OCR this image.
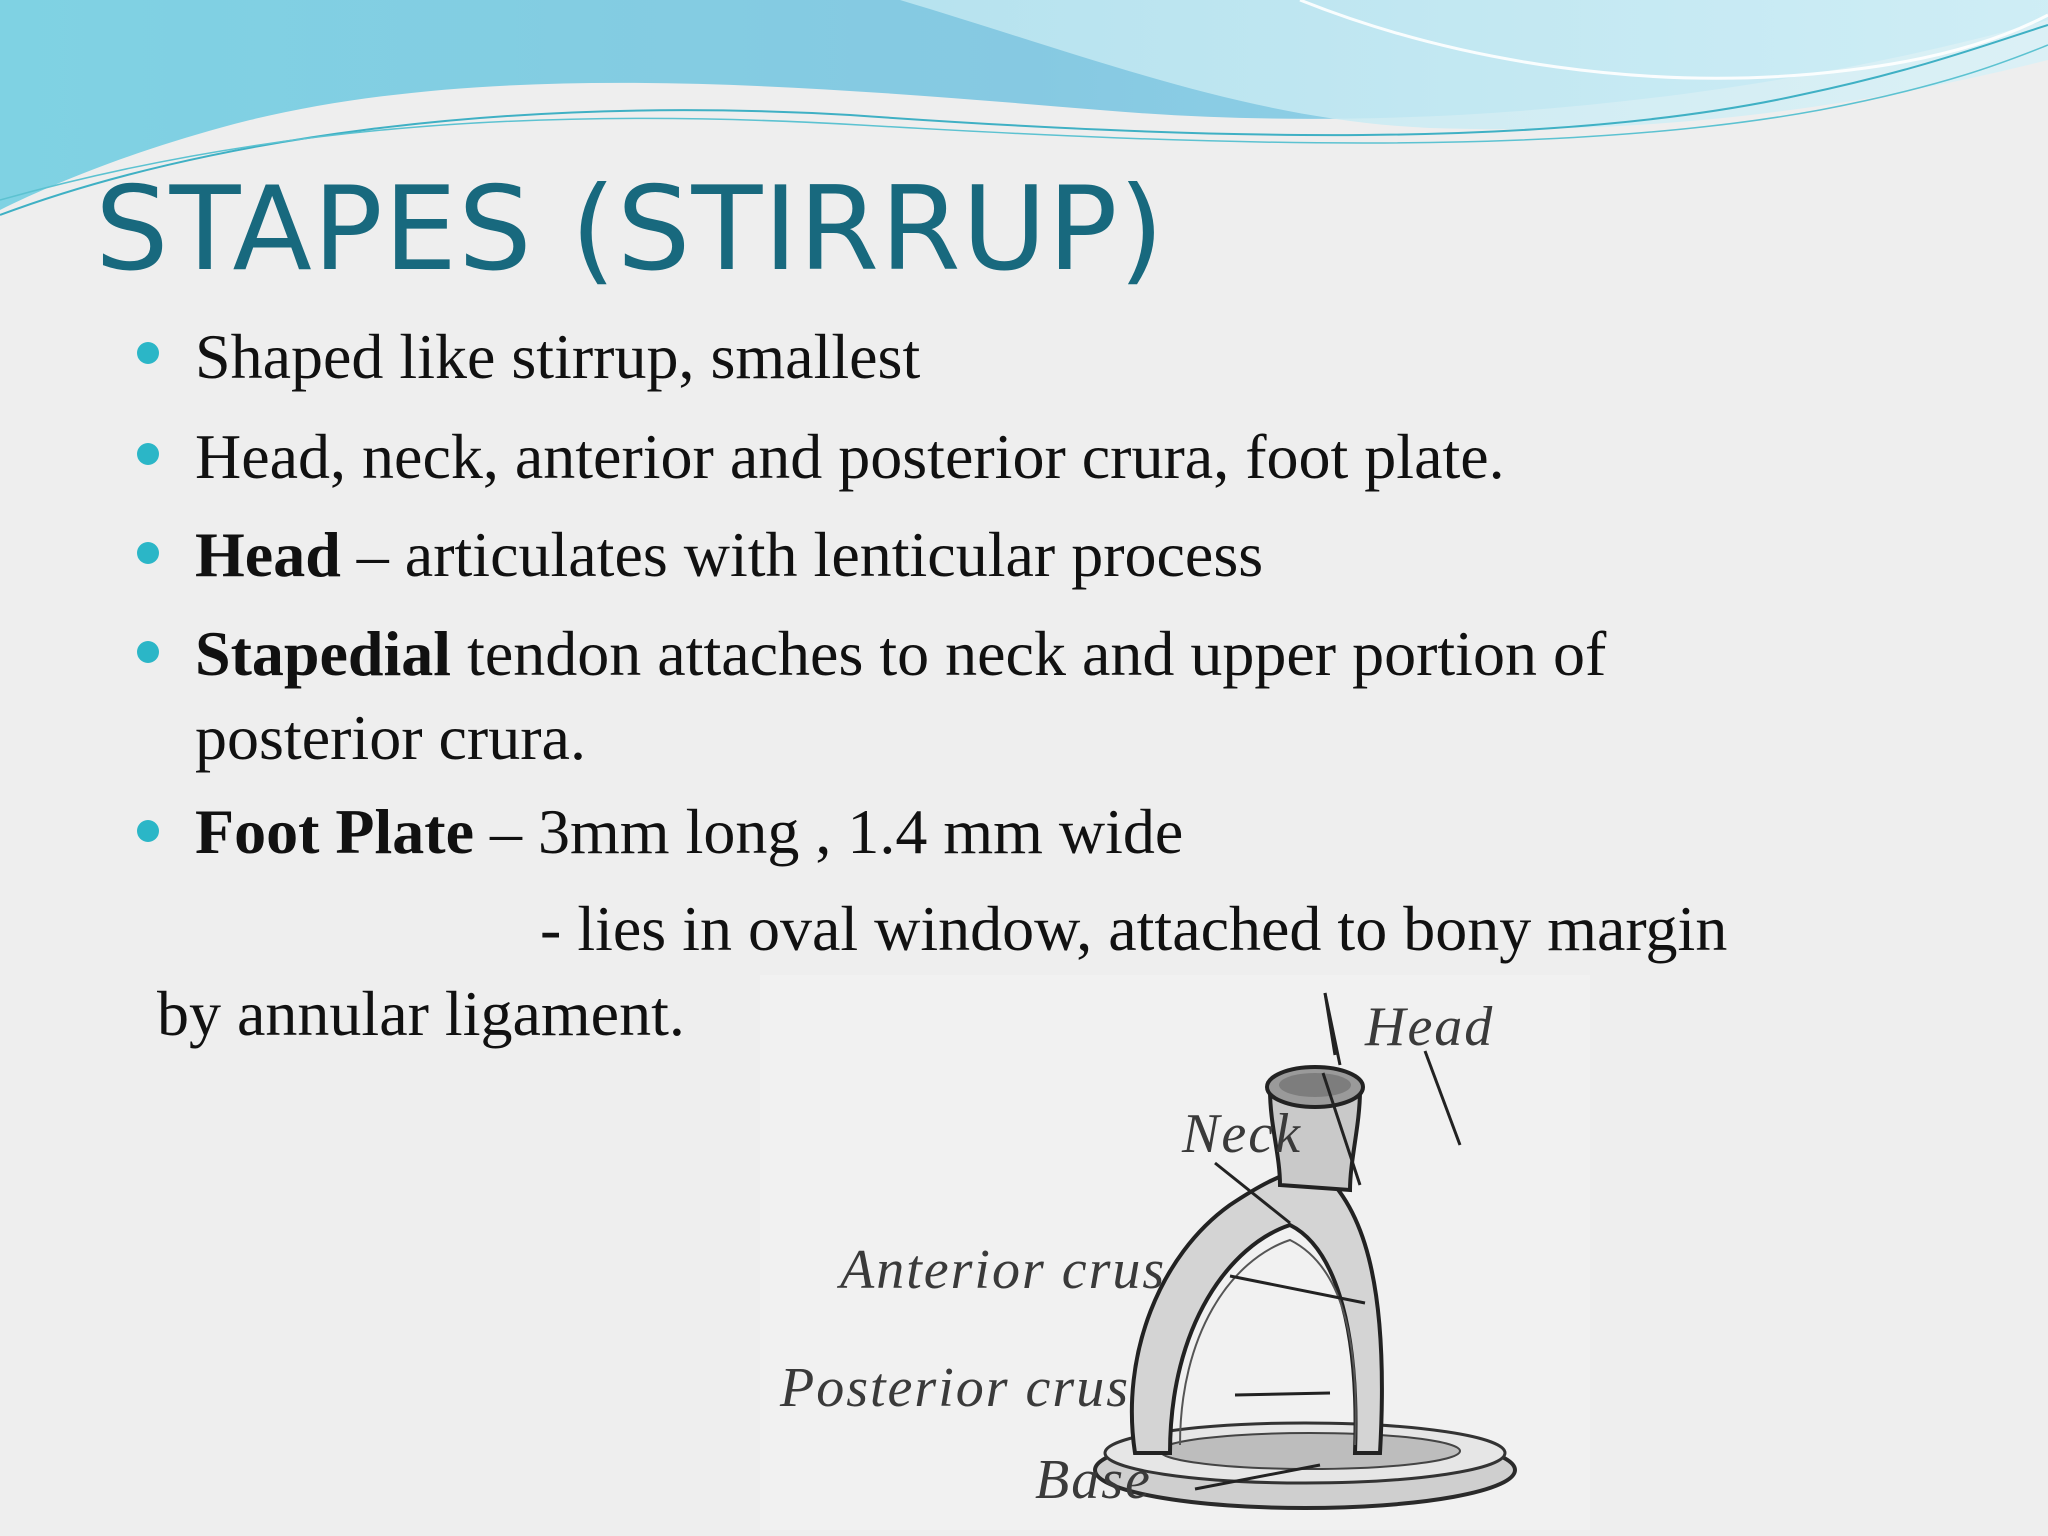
STAPES (STIRRUP)
Shaped like stirrup, smallest
Head, neck, anterior and posterior crura, foot plate.
Head – articulates with lenticular process
Stapedial tendon attaches to neck and upper portion of
posterior crura.
Foot Plate – 3mm long , 1.4 mm wide
- lies in oval window, attached to bony margin
by annular ligament.	Head
Neck
Anterior crus
Posterior crus
Base
